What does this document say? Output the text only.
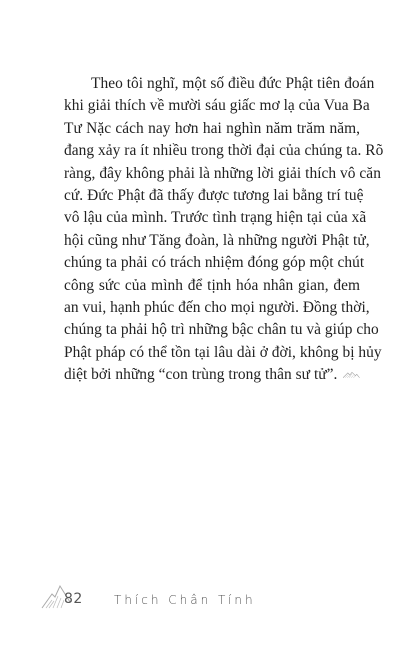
Theo tôi nghĩ, một số điều đức Phật tiên đoán
khi giải thích về mười sáu giấc mơ lạ của Vua Ba
Tư Nặc cách nay hơn hai nghìn năm trăm năm,
đang xảy ra ít nhiều trong thời đại của chúng ta. Rõ
ràng, đây không phải là những lời giải thích vô căn
cứ. Đức Phật đã thấy được tương lai bằng trí tuệ
vô lậu của mình. Trước tình trạng hiện tại của xã
hội cũng như Tăng đoàn, là những người Phật tử,
chúng ta phải có trách nhiệm đóng góp một chút
công sức của mình để tịnh hóa nhân gian, đem
an vui, hạnh phúc đến cho mọi người. Đồng thời,
chúng ta phải hộ trì những bậc chân tu và giúp cho
Phật pháp có thể tồn tại lâu dài ở đời, không bị hủy
diệt bởi những “con trùng trong thân sư tử”.
82	Thích Chân Tính
